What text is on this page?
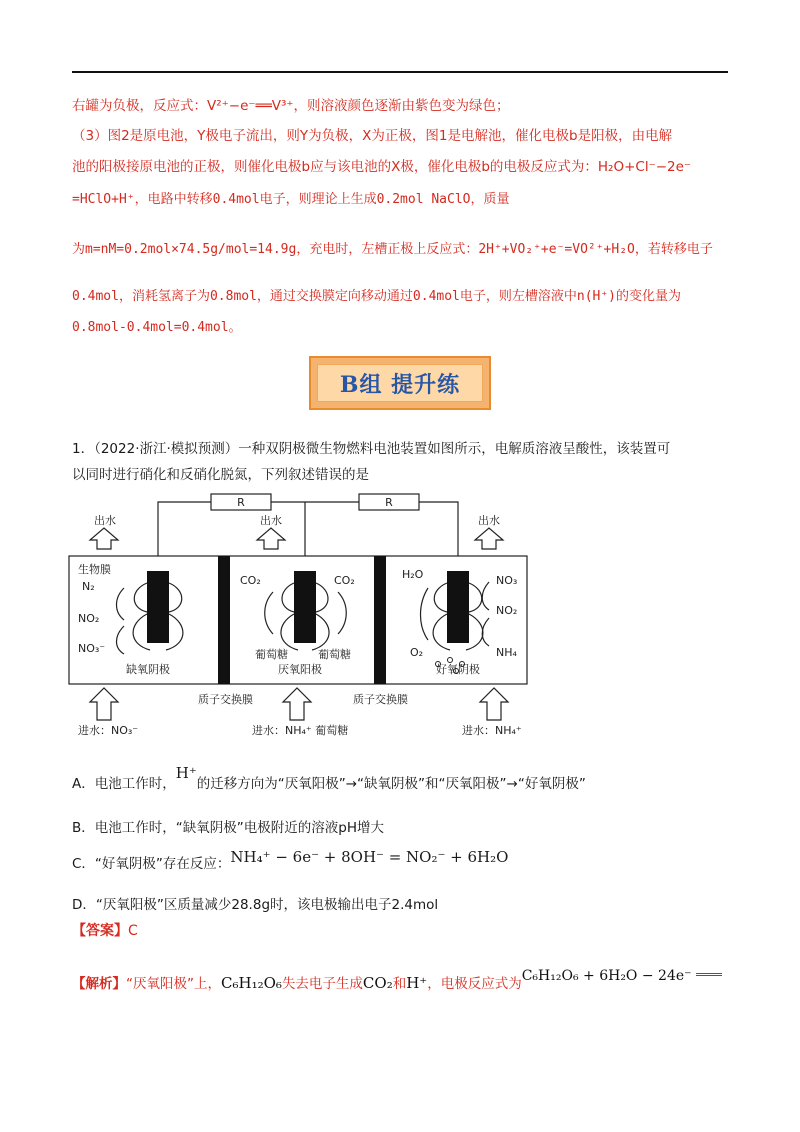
右罐为负极，反应式：V²⁺−e⁻══V³⁺，则溶液颜色逐渐由紫色变为绿色；
（3）图2是原电池，Y极电子流出，则Y为负极，X为正极，图1是电解池，催化电极b是阳极，由电解
池的阳极接原电池的正极，则催化电极b应与该电池的X极，催化电极b的电极反应式为：H₂O+Cl⁻−2e⁻
=HClO+H⁺，电路中转移0.4mol电子，则理论上生成0.2mol NaClO，质量
为m=nM=0.2mol×74.5g/mol=14.9g，充电时，左槽正极上反应式：2H⁺+VO₂⁺+e⁻=VO²⁺+H₂O，若转移电子
0.4mol，消耗氢离子为0.8mol，通过交换膜定向移动通过0.4mol电子，则左槽溶液中n(H⁺)的变化量为
0.8mol-0.4mol=0.4mol。
B组 提升练
1．（2022·浙江·模拟预测）一种双阴极微生物燃料电池装置如图所示，电解质溶液呈酸性，该装置可
以同时进行硝化和反硝化脱氮，下列叙述错误的是
R	R
出水	出水	出水
生物膜
N₂
NO₂
NO₃⁻
缺氧阴极
CO₂	CO₂
葡萄糖	葡萄糖
厌氧阳极
H₂O	NO₃
NO₂
O₂	NH₄
好氧阴极
质子交换膜	质子交换膜
进水：NO₃⁻	进水：NH₄⁺ 葡萄糖	进水：NH₄⁺
A．电池工作时，H⁺的迁移方向为“厌氧阳极”→“缺氧阴极”和“厌氧阳极”→“好氧阴极”
B．电池工作时，“缺氧阴极”电极附近的溶液pH增大
C．“好氧阴极”存在反应：NH₄⁺ − 6e⁻ + 8OH⁻ = NO₂⁻ + 6H₂O
D．“厌氧阳极”区质量减少28.8g时，该电极输出电子2.4mol
【答案】C
【解析】“厌氧阳极”上，C₆H₁₂O₆失去电子生成CO₂和H⁺，电极反应式为C₆H₁₂O₆ + 6H₂O − 24e⁻
